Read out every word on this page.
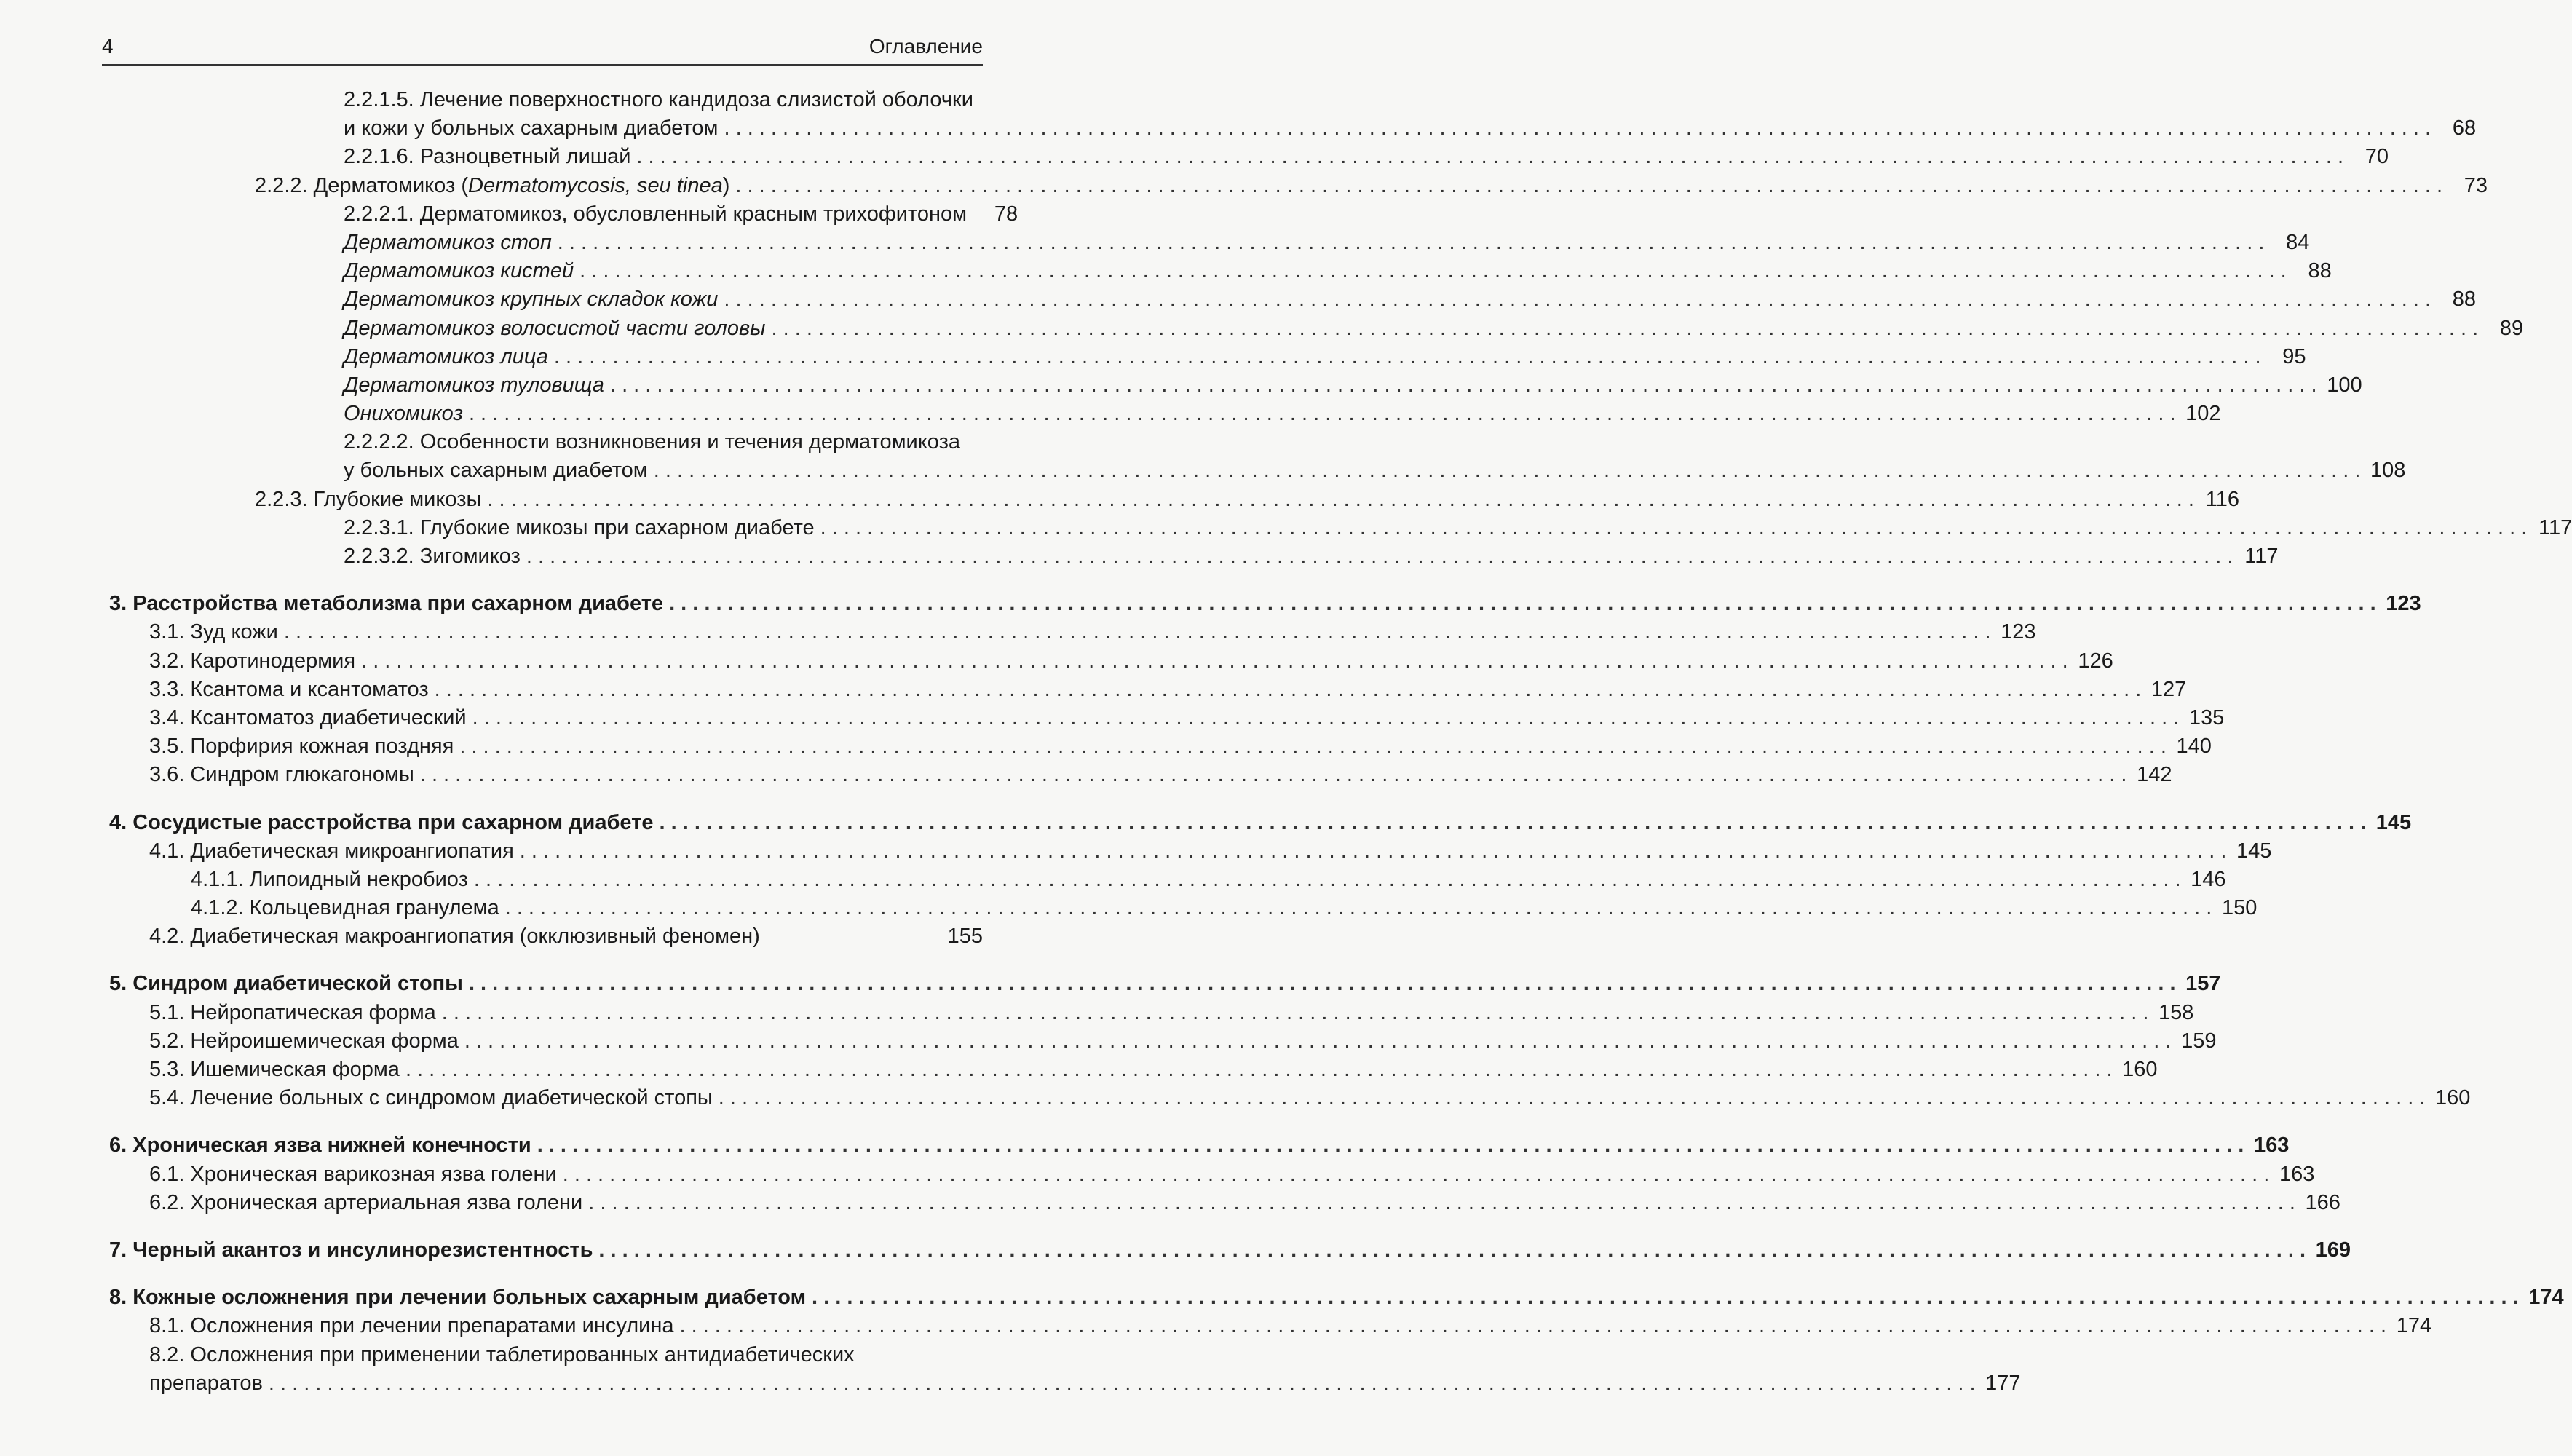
4	Оглавление
2.2.1.5. Лечение поверхностного кандидоза слизистой оболочки
и кожи у больных сахарным диабетом . . .	68
2.2.1.6. Разноцветный лишай . . .	70
2.2.2. Дерматомикоз (Dermatomycosis, seu tinea) . . .	73
2.2.2.1. Дерматомикоз, обусловленный красным трихофитоном	78
Дерматомикоз стоп . . .	84
Дерматомикоз кистей . . .	88
Дерматомикоз крупных складок кожи . . .	88
Дерматомикоз волосистой части головы . . .	89
Дерматомикоз лица . . .	95
Дерматомикоз туловища . . .	100
Онихомикоз . . .	102
2.2.2.2. Особенности возникновения и течения дерматомикоза
у больных сахарным диабетом . . .	108
2.2.3. Глубокие микозы . . .	116
2.2.3.1. Глубокие микозы при сахарном диабете . . .	117
2.2.3.2. Зигомикоз . . .	117
3. Расстройства метаболизма при сахарном диабете . . .	123
3.1. Зуд кожи . . .	123
3.2. Каротинодермия . . .	126
3.3. Ксантома и ксантоматоз . . .	127
3.4. Ксантоматоз диабетический . . .	135
3.5. Порфирия кожная поздняя . . .	140
3.6. Синдром глюкагономы . . .	142
4. Сосудистые расстройства при сахарном диабете . . .	145
4.1. Диабетическая микроангиопатия . . .	145
4.1.1. Липоидный некробиоз . . .	146
4.1.2. Кольцевидная гранулема . . .	150
4.2. Диабетическая макроангиопатия (окклюзивный феномен)	155
5. Синдром диабетической стопы . . .	157
5.1. Нейропатическая форма . . .	158
5.2. Нейроишемическая форма . . .	159
5.3. Ишемическая форма . . .	160
5.4. Лечение больных с синдромом диабетической стопы . . .	160
6. Хроническая язва нижней конечности . . .	163
6.1. Хроническая варикозная язва голени . . .	163
6.2. Хроническая артериальная язва голени . . .	166
7. Черный акантоз и инсулинорезистентность . . .	169
8. Кожные осложнения при лечении больных сахарным диабетом . . .	174
8.1. Осложнения при лечении препаратами инсулина . . .	174
8.2. Осложнения при применении таблетированных антидиабетических
препаратов . . .	177
